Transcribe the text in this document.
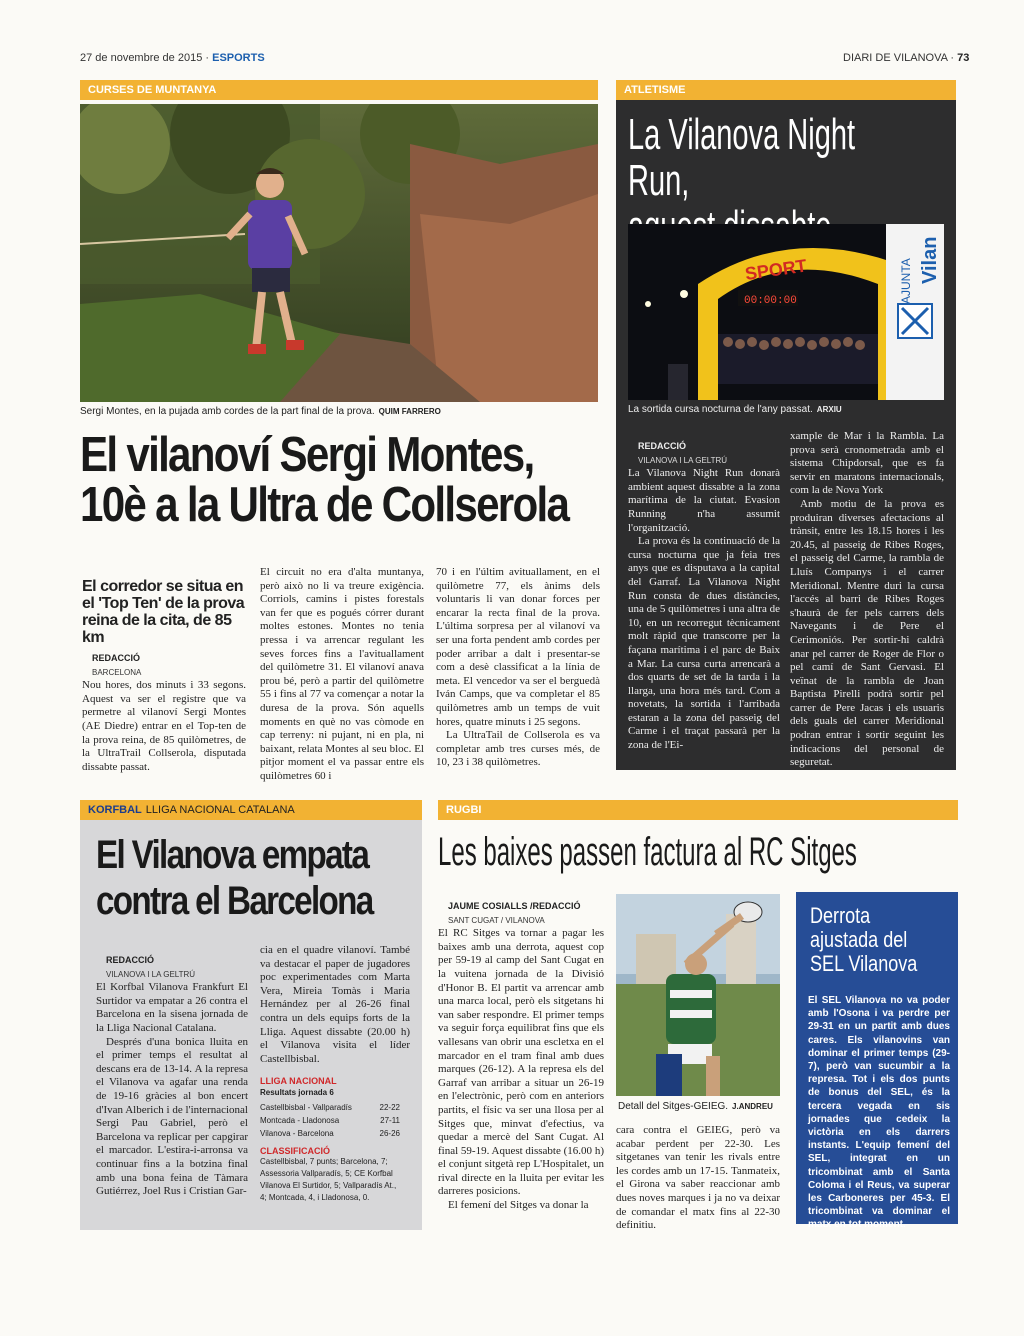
27 de novembre de 2015 · ESPORTS	DIARI DE VILANOVA · 73
CURSES DE MUNTANYA
Sergi Montes, en la pujada amb cordes de la part final de la prova. QUIM FARRERO
El vilanoví Sergi Montes,
10è a la Ultra de Collserola
El corredor se situa en el 'Top Ten' de la prova reina de la cita, de 85 km

REDACCIÓ

BARCELONA

Nou hores, dos minuts i 33 segons. Aquest va ser el registre que va permetre al vilanoví Sergi Montes (AE Diedre) entrar en el Top-ten de la prova reina, de 85 quilòmetres, de la UltraTrail Collserola, disputada dissabte passat.

El circuit no era d'alta muntanya, però això no li va treure exigència. Corriols, camins i pistes forestals van fer que es pogués córrer durant moltes estones. Montes no tenia pressa i va arrencar regulant les seves forces fins a l'avituallament del quilòmetre 31. El vilanoví anava prou bé, però a partir del quilòmetre 55 i fins al 77 va començar a notar la duresa de la prova. Són aquells moments en què no vas còmode en cap terreny: ni pujant, ni en pla, ni baixant, relata Montes al seu bloc. El pitjor moment el va passar entre els quilòmetres 60 i

70 i en l'últim avituallament, en el quilòmetre 77, els ànims dels voluntaris li van donar forces per encarar la recta final de la prova. L'última sorpresa per al vilanoví va ser una forta pendent amb cordes per poder arribar a dalt i presentar-se com a desè classificat a la línia de meta. El vencedor va ser el berguedà Iván Camps, que va completar el 85 quilòmetres amb un temps de vuit hores, quatre minuts i 25 segons.

La UltraTail de Collserola es va completar amb tres curses més, de 10, 23 i 38 quilòmetres.

ATLETISME
La Vilanova Night Run,
SPORT
00:00:00	AJUNTA Vilan
La sortida cursa nocturna de l'any passat. ARXIU

REDACCIÓ

VILANOVA I LA GELTRÚ

La Vilanova Night Run donarà ambient aquest dissabte a la zona marítima de la ciutat. Evasion Running n'ha assumit l'organització.

La prova és la continuació de la cursa nocturna que ja feia tres anys que es disputava a la capital del Garraf. La Vilanova Night Run consta de dues distàncies, una de 5 quilòmetres i una altra de 10, en un recorregut tècnicament molt ràpid que transcorre per la façana marítima i el parc de Baix a Mar. La cursa curta arrencarà a dos quarts de set de la tarda i la llarga, una hora més tard. Com a novetats, la sortida i l'arribada estaran a la zona del passeig del Carme i el traçat passarà per la zona de l'Ei-

xample de Mar i la Rambla. La prova serà cronometrada amb el sistema Chipdorsal, que es fa servir en maratons internacionals, com la de Nova York

Amb motiu de la prova es produiran diverses afectacions al trànsit, entre les 18.15 hores i les 20.45, al passeig de Ribes Roges, el passeig del Carme, la rambla de Lluís Companys i el carrer Meridional. Mentre duri la cursa l'accés al barri de Ribes Roges s'haurà de fer pels carrers dels Navegants i de Pere el Cerimoniós. Per sortir-hi caldrà anar pel carrer de Roger de Flor o pel camí de Sant Gervasi. El veïnat de la rambla de Joan Baptista Pirelli podrà sortir pel carrer de Pere Jacas i els usuaris dels guals del carrer Meridional podran entrar i sortir seguint les indicacions del personal de seguretat.

KORFBAL LLIGA NACIONAL CATALANA
El Vilanova empata
contra el Barcelona

REDACCIÓ

VILANOVA I LA GELTRÚ

El Korfbal Vilanova Frankfurt El Surtidor va empatar a 26 contra el Barcelona en la sisena jornada de la Lliga Nacional Catalana.

Després d'una bonica lluita en el primer temps el resultat al descans era de 13-14. A la represa el Vilanova va agafar una renda de 19-16 gràcies al bon encert d'Ivan Alberich i de l'internacional Sergi Pau Gabriel, però el Barcelona va replicar per capgirar el marcador. L'estira-i-arronsa va continuar fins a la botzina final amb una bona feina de Tàmara Gutiérrez, Joel Rus i Cristian Gar-

cia en el quadre vilanoví. També va destacar el paper de jugadores poc experimentades com Marta Vera, Mireia Tomàs i Maria Hernández per al 26-26 final contra un dels equips forts de la Lliga. Aquest dissabte (20.00 h) el Vilanova visita el líder Castellbisbal.

LLIGA NACIONAL

Resultats jornada 6

Castellbisbal - Vallparadís	22-22
Montcada - Lladonosa	27-11
Vilanova - Barcelona	26-26

CLASSIFICACIÓ

Castellbisbal, 7 punts; Barcelona, 7; Assessoria Vallparadís, 5; CE Korfbal Vilanova El Surtidor, 5; Vallparadís At., 4; Montcada, 4, i Lladonosa, 0.

RUGBI
Les baixes passen factura al RC Sitges

JAUME COSIALLS /REDACCIÓ

SANT CUGAT / VILANOVA

El RC Sitges va tornar a pagar les baixes amb una derrota, aquest cop per 59-19 al camp del Sant Cugat en la vuitena jornada de la Divisió d'Honor B. El partit va arrencar amb una marca local, però els sitgetans hi van saber respondre. El primer temps va seguir força equilibrat fins que els vallesans van obrir una escletxa en el marcador en el tram final amb dues marques (26-12). A la represa els del Garraf van arribar a situar un 26-19 en l'electrònic, però com en anteriors partits, el físic va ser una llosa per al Sitges que, minvat d'efectius, va quedar a mercè del Sant Cugat. Al final 59-19. Aquest dissabte (16.00 h) el conjunt sitgetà rep L'Hospitalet, un rival directe en la lluita per evitar les darreres posicions.

El femení del Sitges va donar la

Detall del Sitges-GEIEG. J.ANDREU

cara contra el GEIEG, però va acabar perdent per 22-30. Les sitgetanes van tenir les rivals entre les cordes amb un 17-15. Tanmateix, el Girona va saber reaccionar amb dues noves marques i ja no va deixar de comandar el matx fins al 22-30 definitiu.

Derrota
ajustada del
SEL Vilanova
El SEL Vilanova no va poder amb l'Osona i va perdre per 29-31 en un partit amb dues cares. Els vilanovins van dominar el primer temps (29-7), però van sucumbir a la represa. Tot i els dos punts de bonus del SEL, és la tercera vegada en sis jornades que cedeix la victòria en els darrers instants. L'equip femení del SEL, integrat en un tricombinat amb el Santa Coloma i el Reus, va superar les Carboneres per 45-3. El tricombinat va dominar el matx en tot moment.
